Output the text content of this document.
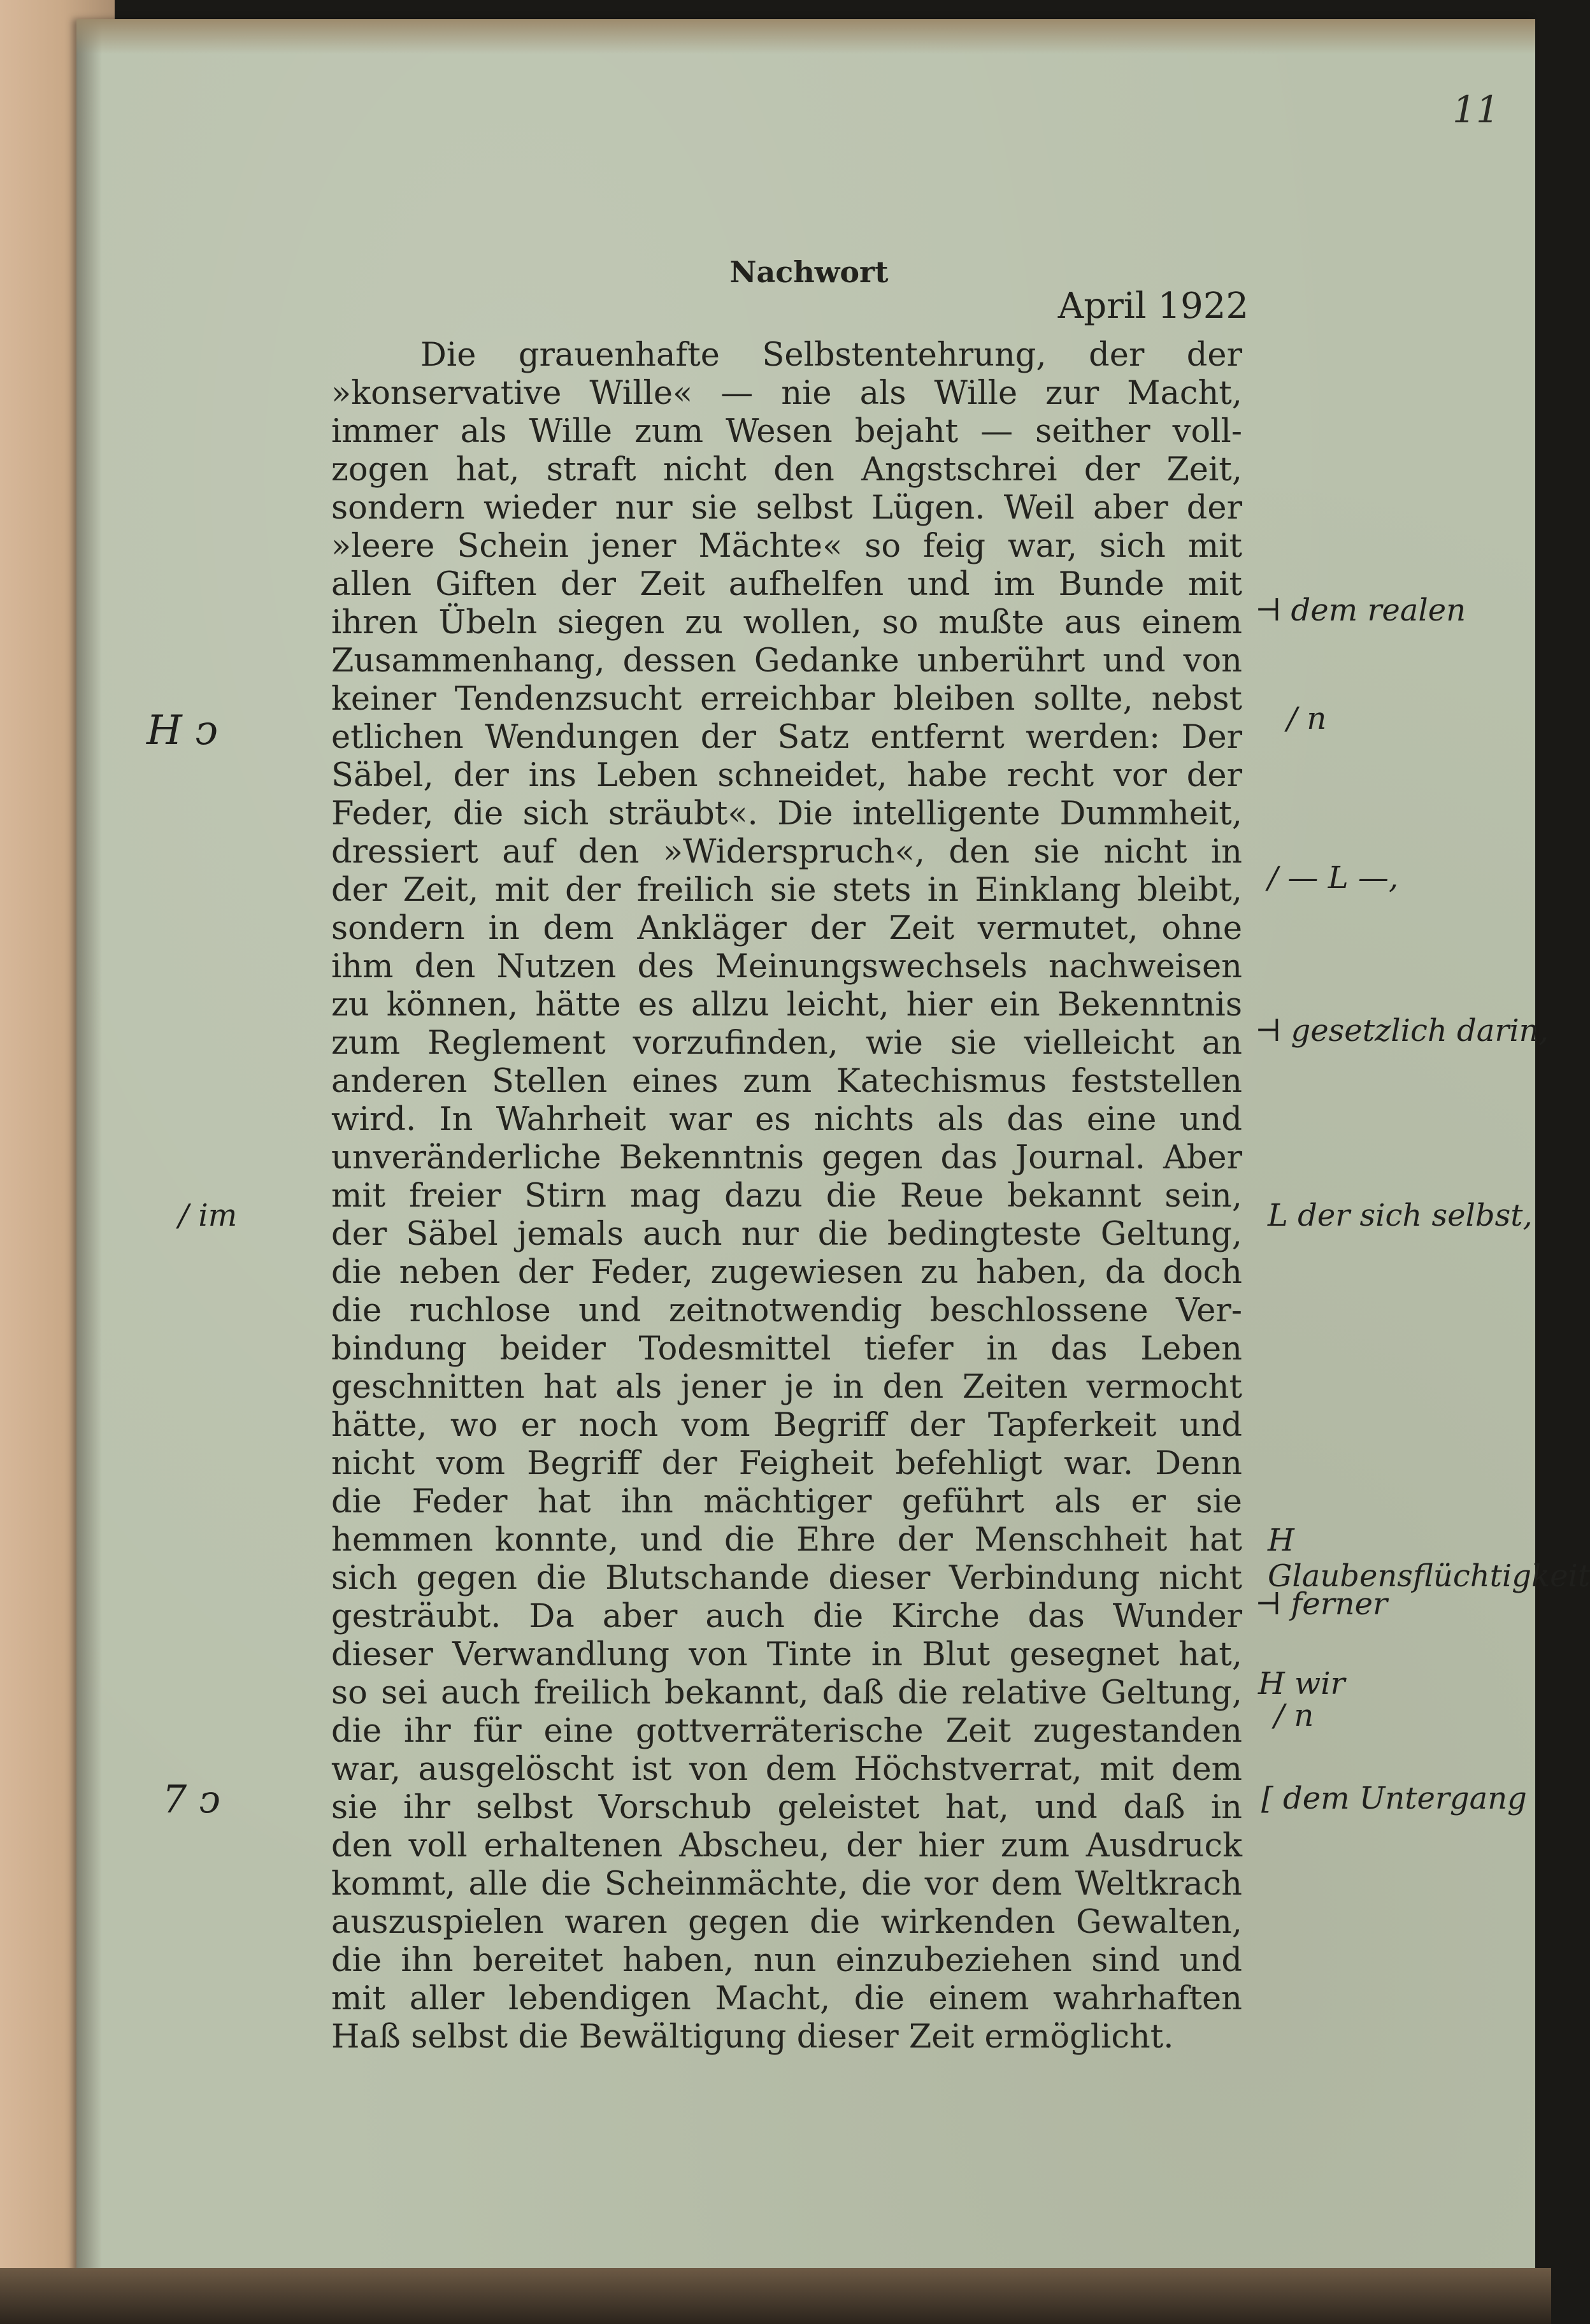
11
Nachwort
April 1922
Die grauenhafte Selbstentehrung, der der
»konservative Wille« — nie als Wille zur Macht,
immer als Wille zum Wesen bejaht — seither voll-
zogen hat, straft nicht den Angstschrei der Zeit,
sondern wieder nur sie selbst Lügen. Weil aber der
»leere Schein jener Mächte« so feig war, sich mit
allen Giften der Zeit aufhelfen und im Bunde mit
ihren Übeln siegen zu wollen, so mußte aus einem
Zusammenhang, dessen Gedanke unberührt und von
keiner Tendenzsucht erreichbar bleiben sollte, nebst
etlichen Wendungen der Satz entfernt werden: Der
Säbel, der ins Leben schneidet, habe recht vor der
Feder, die sich sträubt«. Die intelligente Dummheit,
dressiert auf den »Widerspruch«, den sie nicht in
der Zeit, mit der freilich sie stets in Einklang bleibt,
sondern in dem Ankläger der Zeit vermutet, ohne
ihm den Nutzen des Meinungswechsels nachweisen
zu können, hätte es allzu leicht, hier ein Bekenntnis
zum Reglement vorzufinden, wie sie vielleicht an
anderen Stellen eines zum Katechismus feststellen
wird. In Wahrheit war es nichts als das eine und
unveränderliche Bekenntnis gegen das Journal. Aber
mit freier Stirn mag dazu die Reue bekannt sein,
der Säbel jemals auch nur die bedingteste Geltung,
die neben der Feder, zugewiesen zu haben, da doch
die ruchlose und zeitnotwendig beschlossene Ver-
bindung beider Todesmittel tiefer in das Leben
geschnitten hat als jener je in den Zeiten vermocht
hätte, wo er noch vom Begriff der Tapferkeit und
nicht vom Begriff der Feigheit befehligt war. Denn
die Feder hat ihn mächtiger geführt als er sie
hemmen konnte, und die Ehre der Menschheit hat
sich gegen die Blutschande dieser Verbindung nicht
gesträubt. Da aber auch die Kirche das Wunder
dieser Verwandlung von Tinte in Blut gesegnet hat,
so sei auch freilich bekannt, daß die relative Geltung,
die ihr für eine gottverräterische Zeit zugestanden
war, ausgelöscht ist von dem Höchstverrat, mit dem
sie ihr selbst Vorschub geleistet hat, und daß in
den voll erhaltenen Abscheu, der hier zum Ausdruck
kommt, alle die Scheinmächte, die vor dem Weltkrach
auszuspielen waren gegen die wirkenden Gewalten,
die ihn bereitet haben, nun einzubeziehen sind und
mit aller lebendigen Macht, die einem wahrhaften
Haß selbst die Bewältigung dieser Zeit ermöglicht.
⊣ dem realen
/ n
H ↄ
/ — L —,
⊣ gesetzlich darin,
/ im	L der sich selbst,
H Glaubensflüchtigkeit
⊣ ferner
H wir
/ n
7 ↄ	[ dem Untergang
